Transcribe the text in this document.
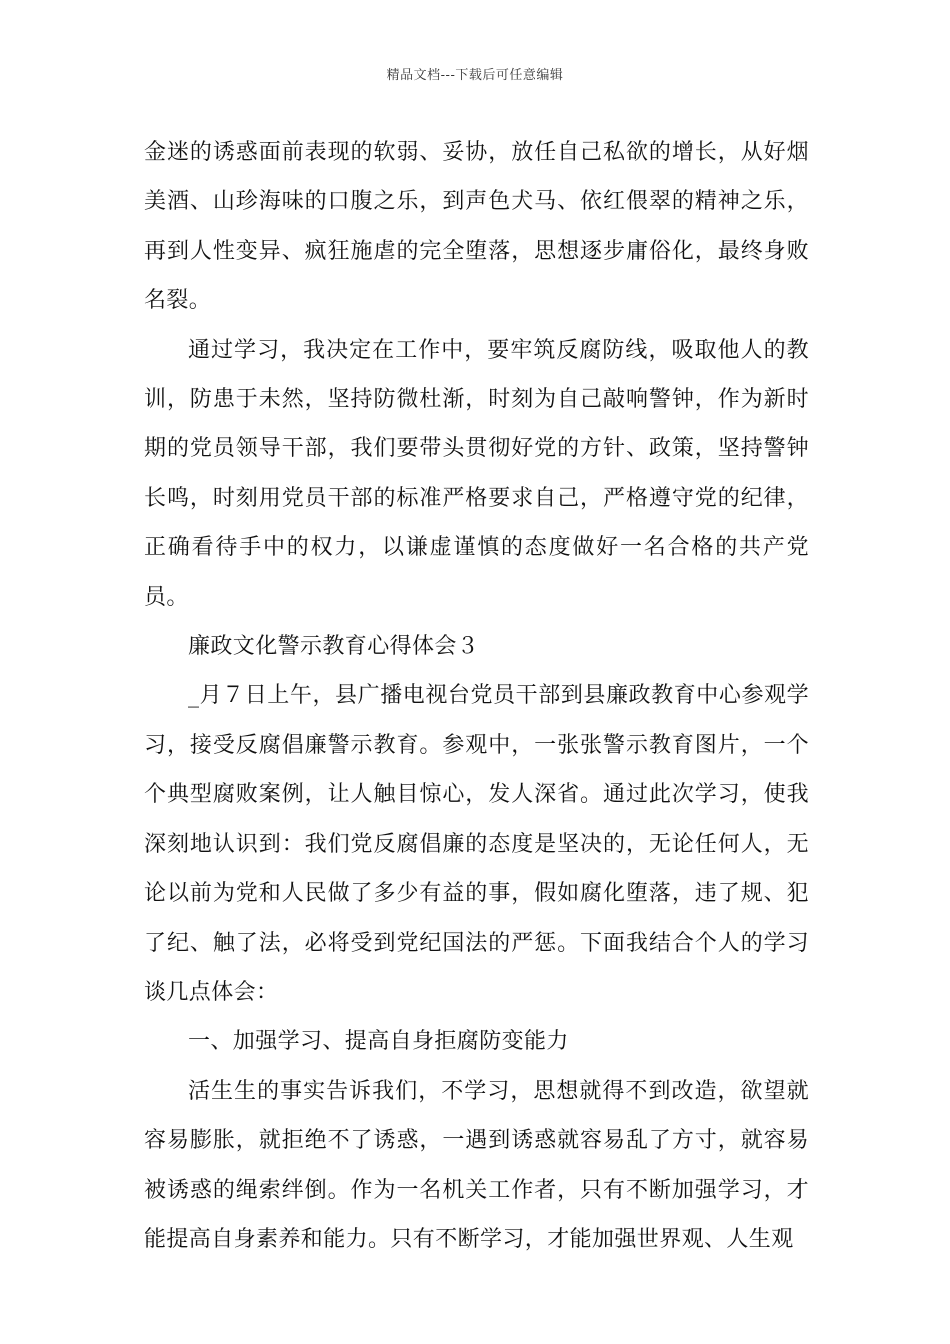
精品文档---下载后可任意编辑

金迷的诱惑面前表现的软弱、妥协，放任自己私欲的增长，从好烟美酒、山珍海味的口腹之乐，到声色犬马、依红偎翠的精神之乐，再到人性变异、疯狂施虐的完全堕落，思想逐步庸俗化，最终身败名裂。

通过学习，我决定在工作中，要牢筑反腐防线，吸取他人的教训，防患于未然，坚持防微杜渐，时刻为自己敲响警钟，作为新时期的党员领导干部，我们要带头贯彻好党的方针、政策，坚持警钟长鸣，时刻用党员干部的标准严格要求自己，严格遵守党的纪律，正确看待手中的权力，以谦虚谨慎的态度做好一名合格的共产党员。

廉政文化警示教育心得体会３

_月７日上午，县广播电视台党员干部到县廉政教育中心参观学习，接受反腐倡廉警示教育。参观中，一张张警示教育图片，一个个典型腐败案例，让人触目惊心，发人深省。通过此次学习，使我深刻地认识到：我们党反腐倡廉的态度是坚决的，无论任何人，无论以前为党和人民做了多少有益的事，假如腐化堕落，违了规、犯了纪、触了法，必将受到党纪国法的严惩。下面我结合个人的学习谈几点体会：

一、加强学习、提高自身拒腐防变能力

活生生的事实告诉我们，不学习，思想就得不到改造，欲望就容易膨胀，就拒绝不了诱惑，一遇到诱惑就容易乱了方寸，就容易被诱惑的绳索绊倒。作为一名机关工作者，只有不断加强学习，才能提高自身素养和能力。只有不断学习，才能加强世界观、人生观
